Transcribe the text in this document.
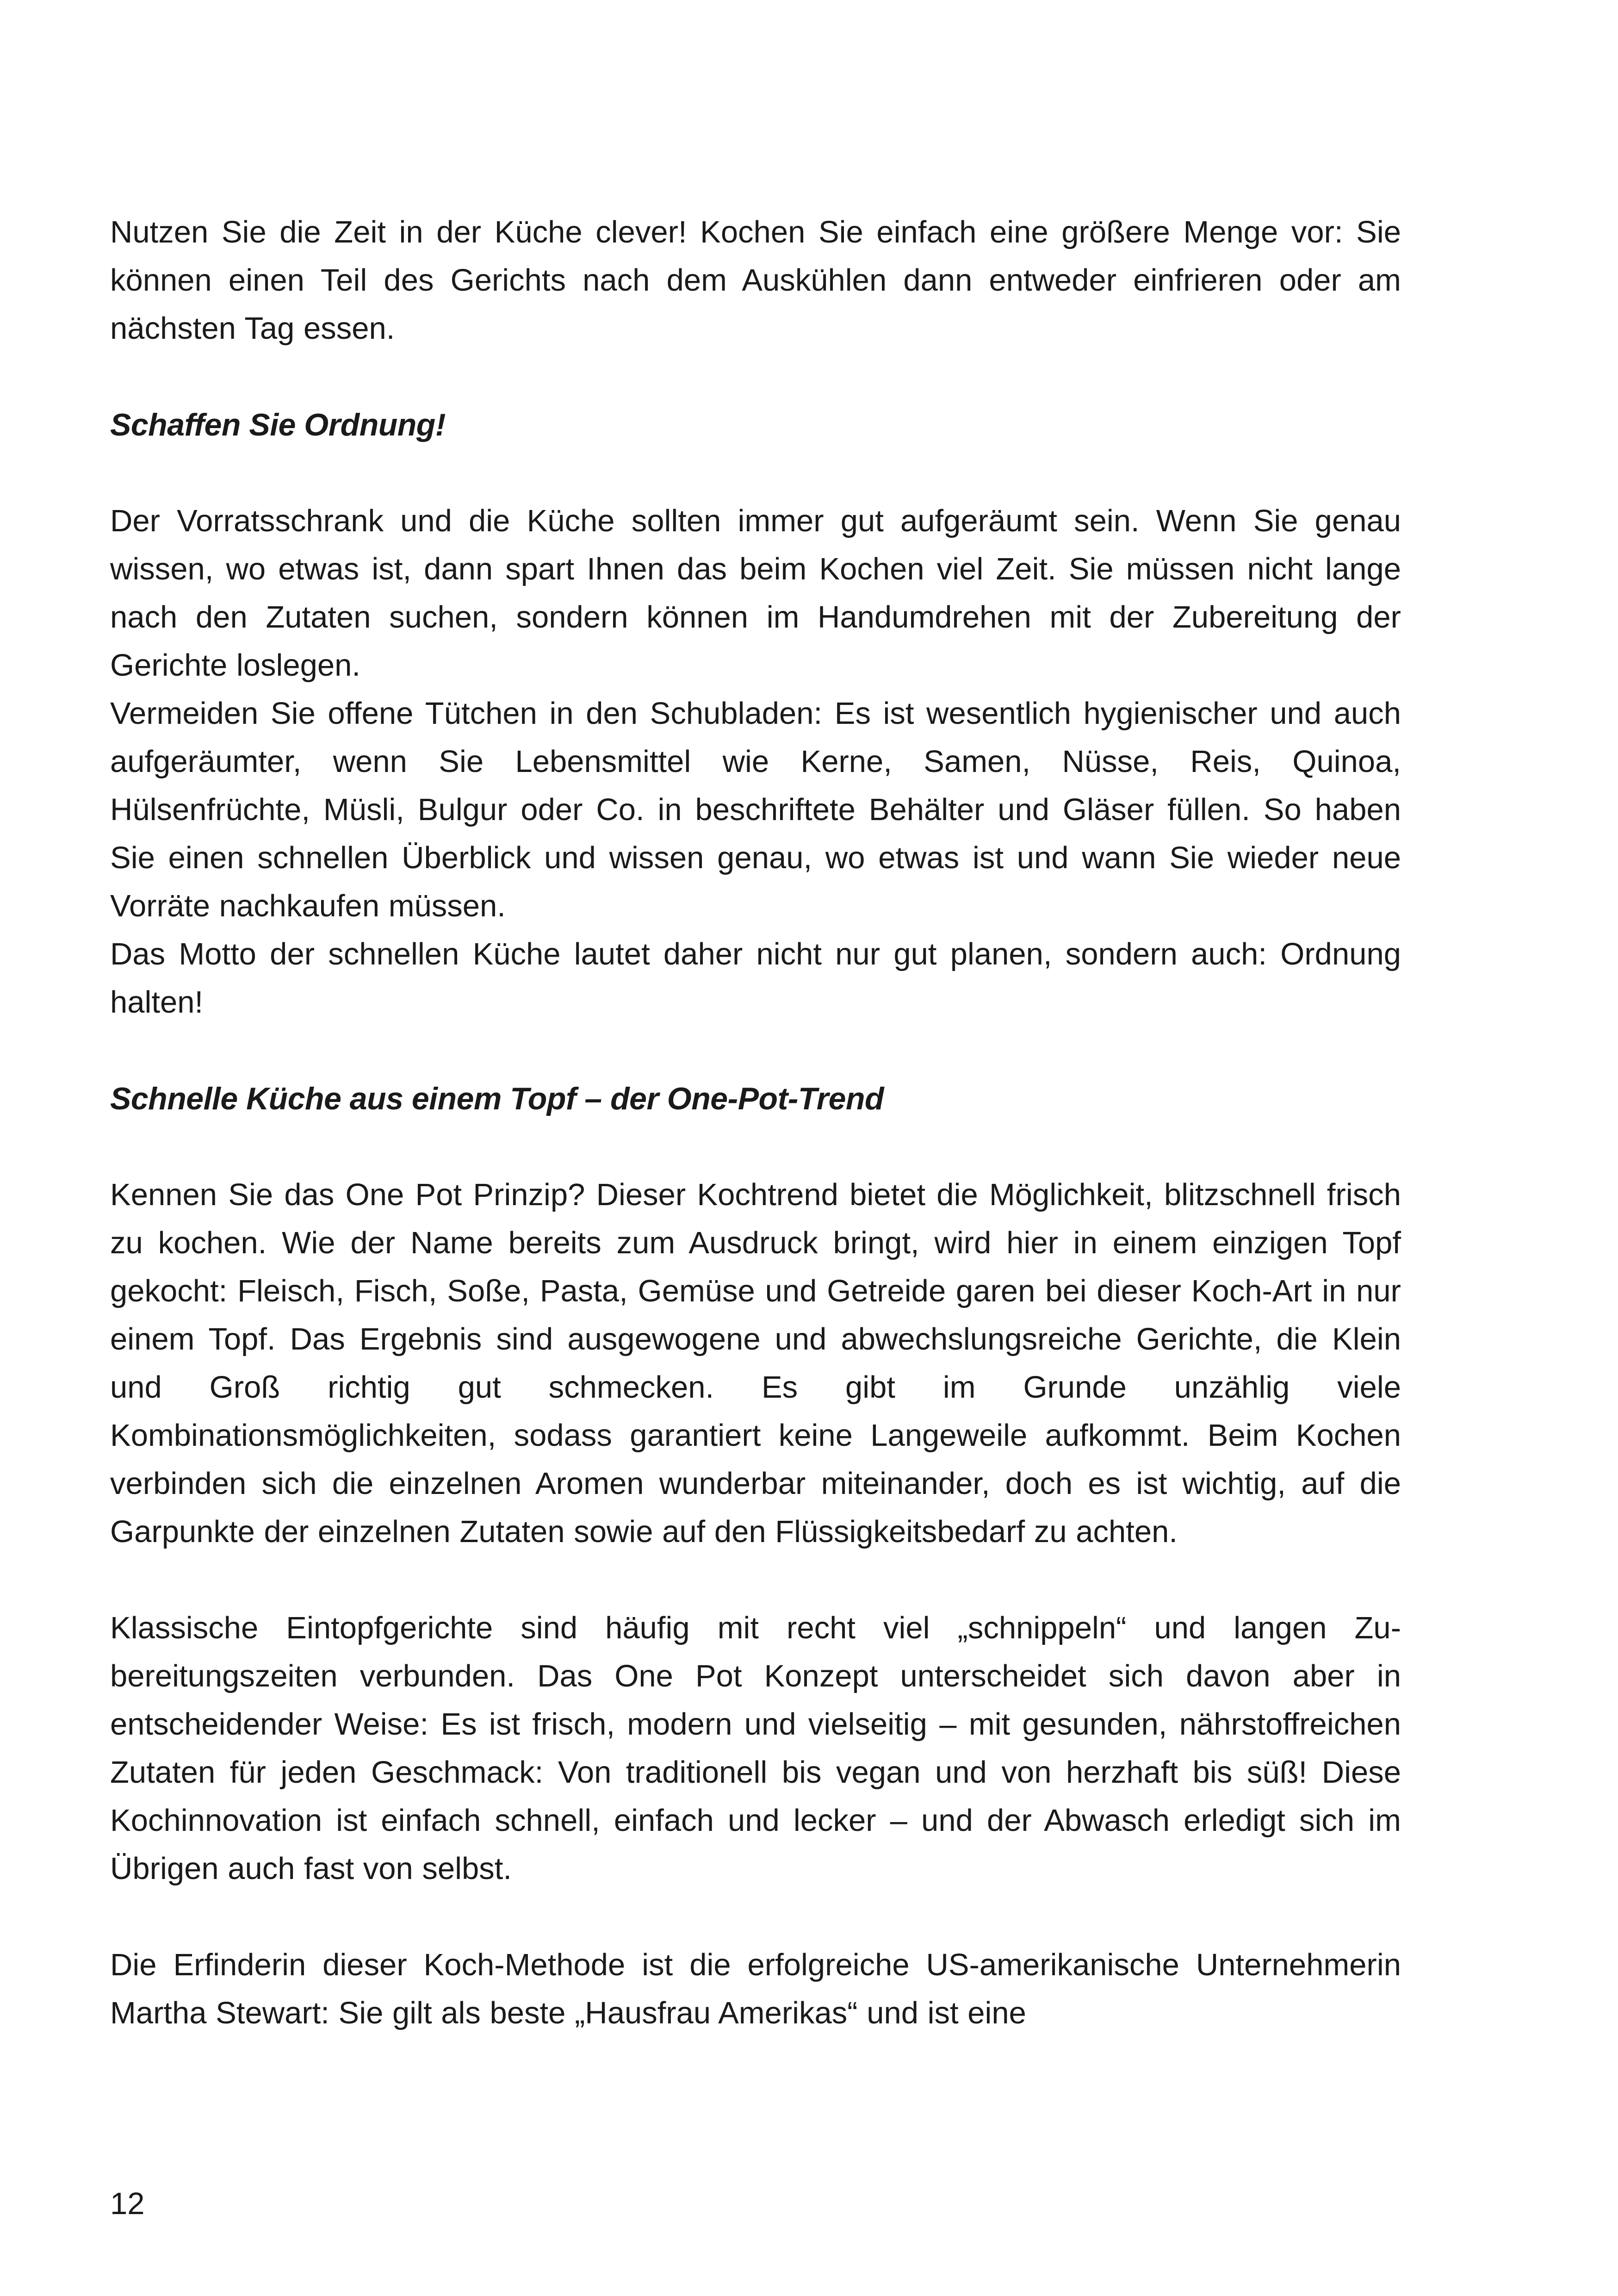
Nutzen Sie die Zeit in der Küche clever! Kochen Sie einfach eine größere Menge vor: Sie können einen Teil des Gerichts nach dem Auskühlen dann entweder einfrieren oder am nächsten Tag essen.

Schaffen Sie Ordnung!

Der Vorratsschrank und die Küche sollten immer gut aufgeräumt sein. Wenn Sie genau wissen, wo etwas ist, dann spart Ihnen das beim Kochen viel Zeit. Sie müssen nicht lange nach den Zutaten suchen, sondern können im Handumdrehen mit der Zubereitung der Gerichte loslegen.

Vermeiden Sie offene Tütchen in den Schubladen: Es ist wesentlich hygienischer und auch aufgeräumter, wenn Sie Lebensmittel wie Kerne, Samen, Nüsse, Reis, Quinoa, Hülsenfrüchte, Müsli, Bulgur oder Co. in beschriftete Behälter und Gläser füllen. So haben Sie einen schnellen Überblick und wissen genau, wo etwas ist und wann Sie wieder neue Vorräte nachkaufen müssen.

Das Motto der schnellen Küche lautet daher nicht nur gut planen, sondern auch: Ordnung halten!

Schnelle Küche aus einem Topf – der One-Pot-Trend

Kennen Sie das One Pot Prinzip? Dieser Kochtrend bietet die Möglichkeit, blitzschnell frisch zu kochen. Wie der Name bereits zum Ausdruck bringt, wird hier in einem einzigen Topf gekocht: Fleisch, Fisch, Soße, Pasta, Gemüse und Getreide garen bei dieser Koch-Art in nur einem Topf. Das Ergebnis sind ausgewogene und abwechslungsreiche Gerichte, die Klein und Groß richtig gut schmecken. Es gibt im Grunde unzählig viele Kombinationsmöglichkeiten, sodass garantiert keine Langeweile aufkommt. Beim Kochen verbinden sich die einzelnen Aromen wunderbar miteinander, doch es ist wichtig, auf die Garpunkte der einzelnen Zutaten sowie auf den Flüssigkeitsbedarf zu achten.

Klassische Eintopfgerichte sind häufig mit recht viel „schnippeln“ und langen Zubereitungszeiten verbunden. Das One Pot Konzept unterscheidet sich davon aber in entscheidender Weise: Es ist frisch, modern und vielseitig – mit gesunden, nährstoffreichen Zutaten für jeden Geschmack: Von traditionell bis vegan und von herzhaft bis süß! Diese Kochinnovation ist einfach schnell, einfach und lecker – und der Abwasch erledigt sich im Übrigen auch fast von selbst.

Die Erfinderin dieser Koch-Methode ist die erfolgreiche US-amerikanische Unternehmerin Martha Stewart: Sie gilt als beste „Hausfrau Amerikas“ und ist eine

12
